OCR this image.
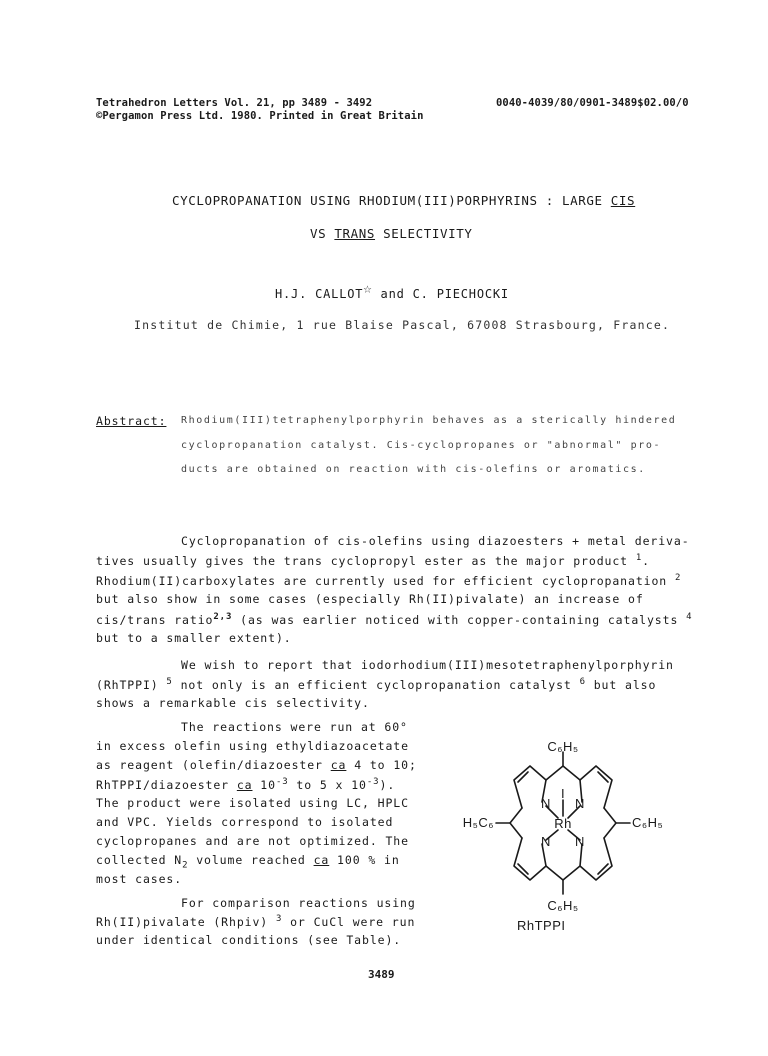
Tetrahedron Letters Vol. 21, pp 3489 - 3492
©Pergamon Press Ltd. 1980. Printed in Great Britain
0040-4039/80/0901-3489$02.00/0
CYCLOPROPANATION USING RHODIUM(III)PORPHYRINS : LARGE CIS
VS TRANS SELECTIVITY
H.J. CALLOT☆ and C. PIECHOCKI
Institut de Chimie, 1 rue Blaise Pascal, 67008 Strasbourg, France.
Abstract: Rhodium(III)tetraphenylporphyrin behaves as a sterically hindered
cyclopropanation catalyst. Cis-cyclopropanes or "abnormal" pro-
ducts are obtained on reaction with cis-olefins or aromatics.
Cyclopropanation of cis-olefins using diazoesters + metal deriva-
tives usually gives the trans cyclopropyl ester as the major product $^1$.
Rhodium(II)carboxylates are currently used for efficient cyclopropanation $^2$
but also show in some cases (especially Rh(II)pivalate) an increase of
cis/trans ratio$^{2,3}$ (as was earlier noticed with copper-containing catalysts $^4$
but to a smaller extent).
We wish to report that iodorhodium(III)mesotetraphenylporphyrin
(RhTPPI) $^5$ not only is an efficient cyclopropanation catalyst $^6$ but also
shows a remarkable cis selectivity.
The reactions were run at 60°
in excess olefin using ethyldiazoacetate
as reagent (olefin/diazoester ca 4 to 10;
RhTPPI/diazoester ca $10^{-3}$ to 5 x $10^{-3}$).
The product were isolated using LC, HPLC
and VPC. Yields correspond to isolated
cyclopropanes and are not optimized. The
collected $N_2$ volume reached ca 100 % in
most cases.
For comparison reactions using
Rh(II)pivalate (Rhpiv) $^3$ or CuCl were run
under identical conditions (see Table).
C₆H₅
C₆H₅
H₅C₆	C₆H₅
Rh
I
N N
N N
RhTPPI
3489
